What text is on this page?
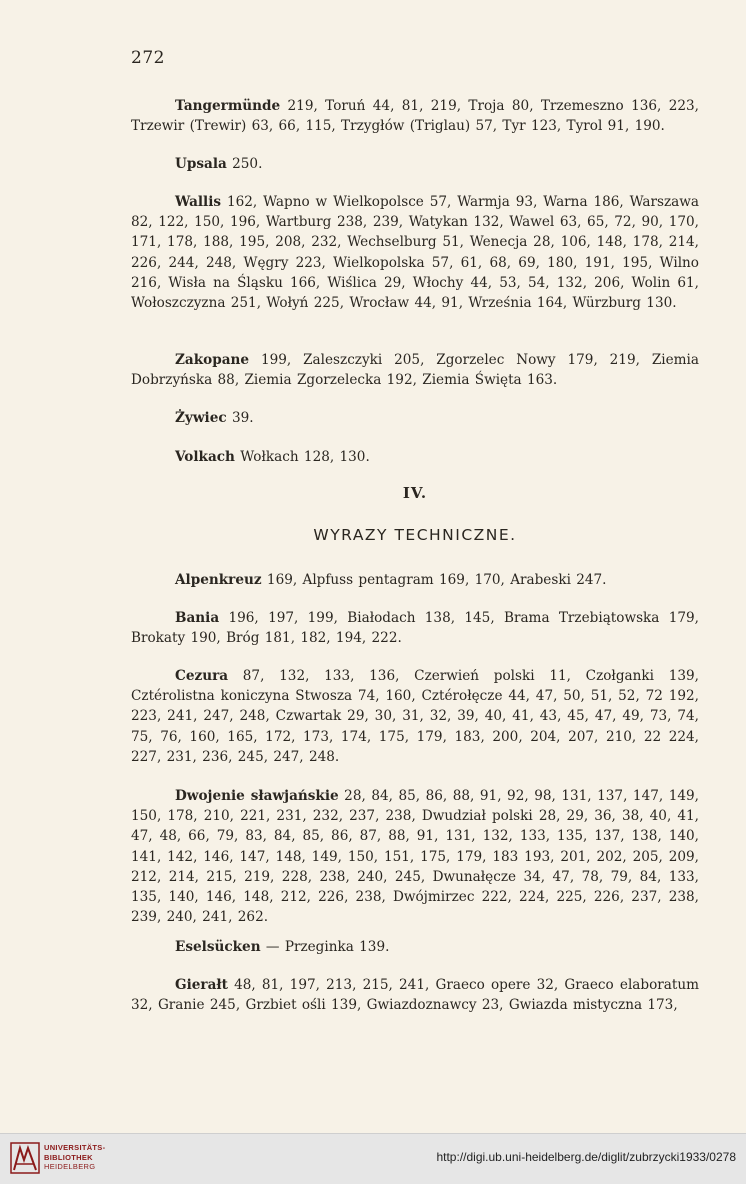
272
Tangermünde 219, Toruń 44, 81, 219, Troja 80, Trzemeszno 136, 223, Trzewir (Trewir) 63, 66, 115, Trzygłów (Triglau) 57, Tyr 123, Tyrol 91, 190.
Upsala 250.
Wallis 162, Wapno w Wielkopolsce 57, Warmja 93, Warna 186, Warszawa 82, 122, 150, 196, Wartburg 238, 239, Watykan 132, Wawel 63, 65, 72, 90, 170, 171, 178, 188, 195, 208, 232, Wechselburg 51, Wenecja 28, 106, 148, 178, 214, 226, 244, 248, Węgry 223, Wielkopolska 57, 61, 68, 69, 180, 191, 195, Wilno 216, Wisła na Śląsku 166, Wiślica 29, Włochy 44, 53, 54, 132, 206, Wolin 61, Wołoszczyzna 251, Wołyń 225, Wrocław 44, 91, Września 164, Würzburg 130.
Zakopane 199, Zaleszczyki 205, Zgorzelec Nowy 179, 219, Ziemia Dobrzyńska 88, Ziemia Zgorzelecka 192, Ziemia Święta 163.
Żywiec 39.
Volkach Wołkach 128, 130.
IV.
WYRAZY TECHNICZNE.
Alpenkreuz 169, Alpfuss pentagram 169, 170, Arabeski 247.
Bania 196, 197, 199, Białodach 138, 145, Brama Trzebiątowska 179, Brokaty 190, Bróg 181, 182, 194, 222.
Cezura 87, 132, 133, 136, Czerwień polski 11, Czołganki 139, Cztérolistna koniczyna Stwosza 74, 160, Cztérołęcze 44, 47, 50, 51, 52, 72 192, 223, 241, 247, 248, Czwartak 29, 30, 31, 32, 39, 40, 41, 43, 45, 47, 49, 73, 74, 75, 76, 160, 165, 172, 173, 174, 175, 179, 183, 200, 204, 207, 210, 22 224, 227, 231, 236, 245, 247, 248.
Dwojenie sławjańskie 28, 84, 85, 86, 88, 91, 92, 98, 131, 137, 147, 149, 150, 178, 210, 221, 231, 232, 237, 238, Dwudział polski 28, 29, 36, 38, 40, 41, 47, 48, 66, 79, 83, 84, 85, 86, 87, 88, 91, 131, 132, 133, 135, 137, 138, 140, 141, 142, 146, 147, 148, 149, 150, 151, 175, 179, 183 193, 201, 202, 205, 209, 212, 214, 215, 219, 228, 238, 240, 245, Dwunałęcze 34, 47, 78, 79, 84, 133, 135, 140, 146, 148, 212, 226, 238, Dwójmirzec 222, 224, 225, 226, 237, 238, 239, 240, 241, 262.
Eselsücken — Przeginka 139.
Gierałt 48, 81, 197, 213, 215, 241, Graeco opere 32, Graeco elaboratum 32, Granie 245, Grzbiet ośli 139, Gwiazdoznawcy 23, Gwiazda mistyczna 173,
UNIVERSITÄTS-
BIBLIOTHEK
HEIDELBERG
http://digi.ub.uni-heidelberg.de/diglit/zubrzycki1933/0278
